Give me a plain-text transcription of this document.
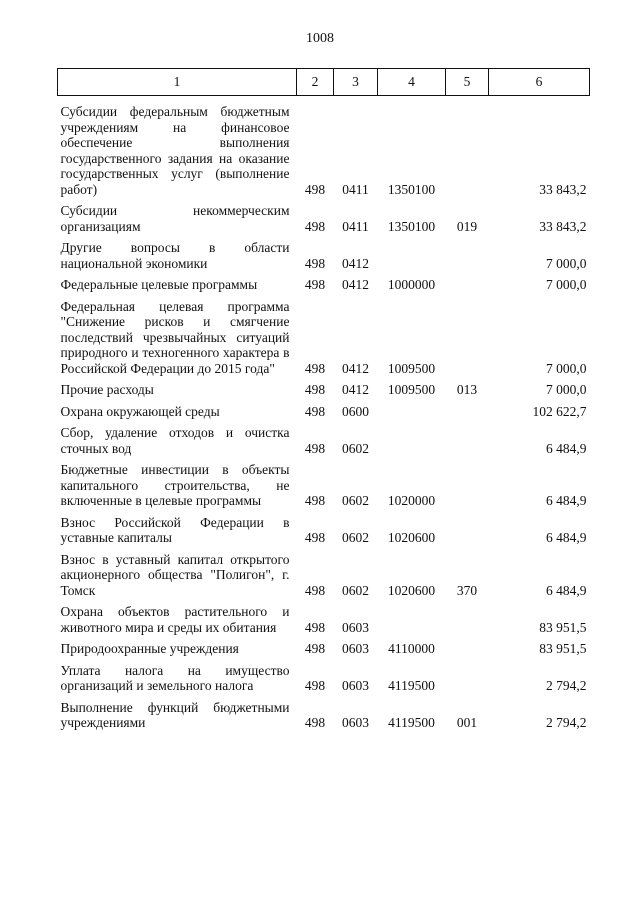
1008
1	2	3	4	5	6
Субсидии федеральным бюджетным учреждениям на финансовое обеспечение выполнения государственного задания на оказание государственных услуг (выполнение работ)	498	0411	1350100		33 843,2
Субсидии некоммерческим организациям	498	0411	1350100	019	33 843,2
Другие вопросы в области национальной экономики	498	0412			7 000,0
Федеральные целевые программы	498	0412	1000000		7 000,0
Федеральная целевая программа "Снижение рисков и смягчение последствий чрезвычайных ситуаций природного и техногенного характера в Российской Федерации до 2015 года"	498	0412	1009500		7 000,0
Прочие расходы	498	0412	1009500	013	7 000,0
Охрана окружающей среды	498	0600			102 622,7
Сбор, удаление отходов и очистка сточных вод	498	0602			6 484,9
Бюджетные инвестиции в объекты капитального строительства, не включенные в целевые программы	498	0602	1020000		6 484,9
Взнос Российской Федерации в уставные капиталы	498	0602	1020600		6 484,9
Взнос в уставный капитал открытого акционерного общества "Полигон", г. Томск	498	0602	1020600	370	6 484,9
Охрана объектов растительного и животного мира и среды их обитания	498	0603			83 951,5
Природоохранные учреждения	498	0603	4110000		83 951,5
Уплата налога на имущество организаций и земельного налога	498	0603	4119500		2 794,2
Выполнение функций бюджетными учреждениями	498	0603	4119500	001	2 794,2
